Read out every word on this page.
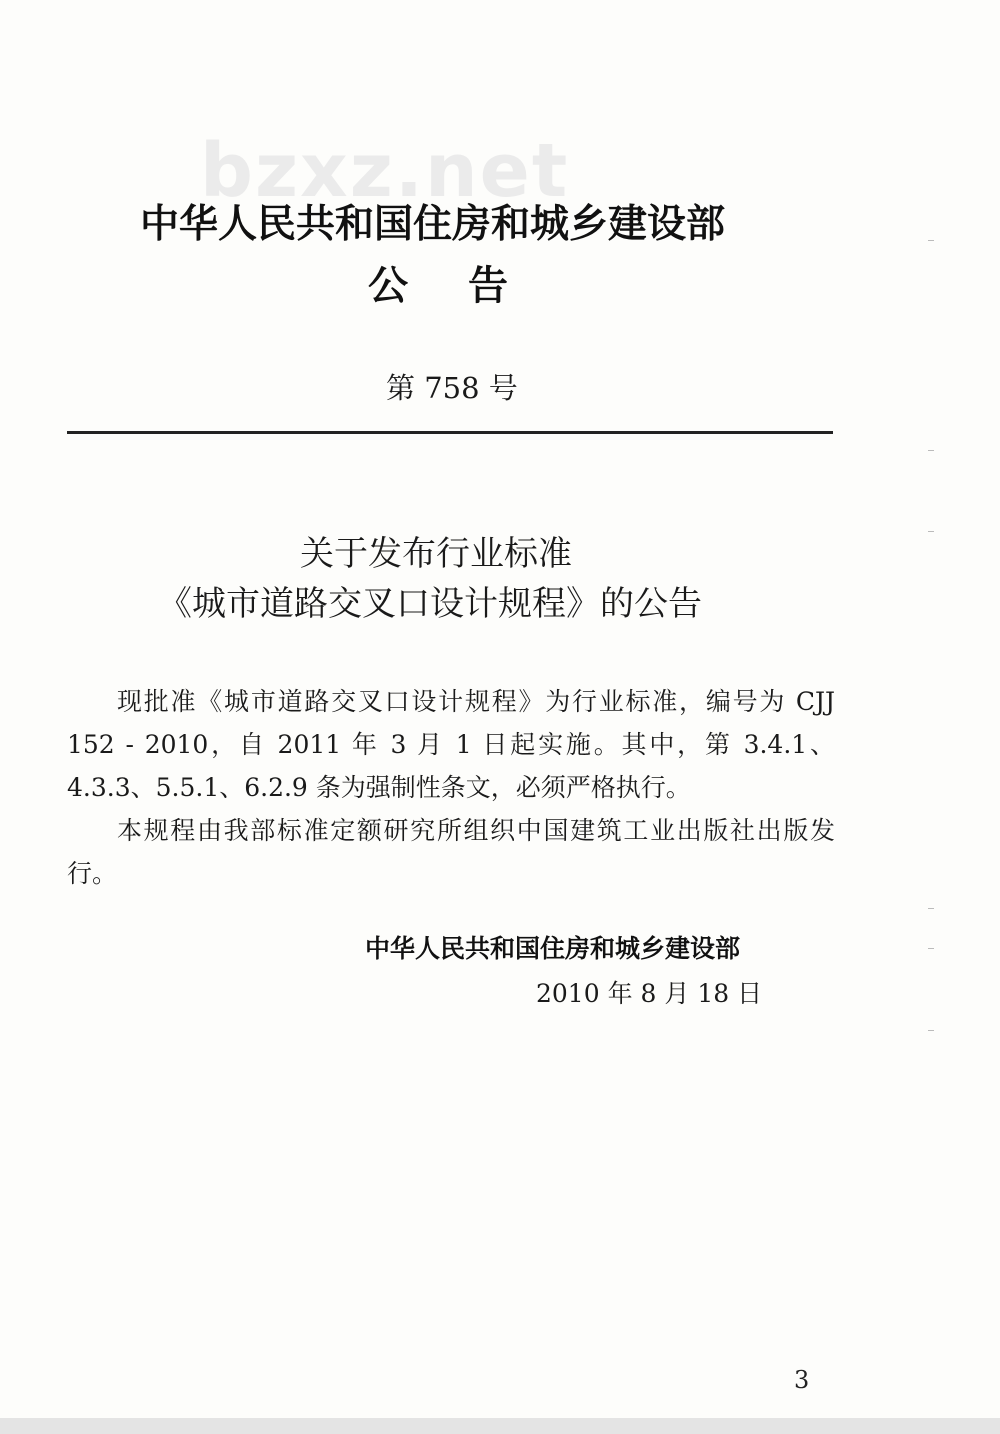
bzxz.net
中华人民共和国住房和城乡建设部
公告
第 758 号
关于发布行业标准
《城市道路交叉口设计规程》的公告

现批准《城市道路交叉口设计规程》为行业标准，编号为 CJJ 152 - 2010，自 2011 年 3 月 1 日起实施。其中，第 3.4.1、4.3.3、5.5.1、6.2.9 条为强制性条文，必须严格执行。

本规程由我部标准定额研究所组织中国建筑工业出版社出版发行。

中华人民共和国住房和城乡建设部
2010 年 8 月 18 日
3
